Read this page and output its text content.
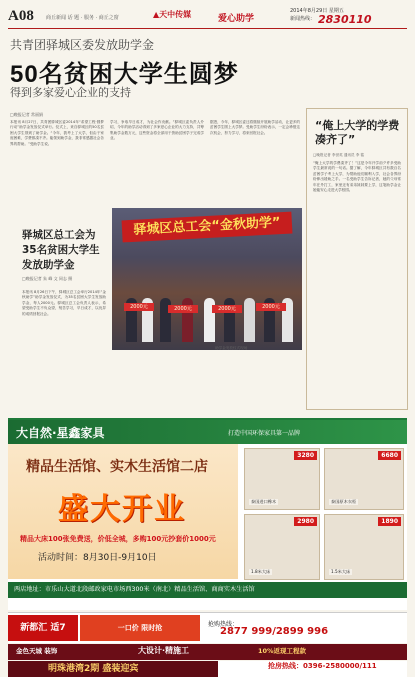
A08 商丘新闻 话 题 · 服务 · 商丘之窗	▲天中传媒	爱心助学
2014年8月29日 星期五
新闻热线： 2830110
共青团驿城区委发放助学金
50名贫困大学生圆梦
得到多家爱心企业的支持
□晚报记者 常丽娟
本报讯 8月27日，共青团驿城区委2014年“希望工程·圆梦行动”助学金发放仪式举行。仪式上，来自驿城区的50名贫困大学生领到了助学金。“今年，我考上了大学，但由于家庭困难，学费都凑不齐。能领到助学金，我非常感激社会各界的帮助。”受助学生说。
学习，争取早日成才，为社会作贡献。”驿城区委负责人介绍，今年的助学活动得到了多家爱心企业的大力支持，共筹集助学金数万元，这些资金将全部用于资助贫困学子完成学业。
据悉，今年，驿城区委还将继续开展助学活动，让更多的贫困学生圆上大学梦。受助学生纷纷表示，一定会珍惜这次机会，努力学习，将来回报社会。
驿城区总工会为35名贫困大学生发放助学金
□晚报记者 朱 峰 文 同志 摄
本报讯 8月26日下午，驿城区总工会举行2014年“金秋助学”助学金发放仪式，为35名贫困大学生发放助学金，每人2000元。驿城区总工会负责人表示，希望受助学生不负众望，刻苦学习，早日成才，以优异的成绩回报社会。
驿城区总工会“金秋助学”
2000元	2000元	2000元	2000元
助学金发放仪式现场
“俺上大学的学费凑齐了”
□晚报记者 李世英 通讯员 李 铭
“俺上大学的学费凑齐了！”这是今年开学前夕许多受助学生最常说的一句话。据了解，今年驿城区共有数百名贫困学子考上大学，为帮助他们顺利入学，社会各界纷纷伸出援助之手。一名受助学生告诉记者，她的父母常年在外打工，家里还有弟弟妹妹要上学，这笔助学金让她能安心走进大学校园。
大自然·星鑫家具	打造中国环保家具第一品牌
精品生活馆、实木生活馆二店
盛大开业
精品大床100张免费送，价低全城，多购100元抄套价1000元
活动时间：8月30日-9月10日
泰国进口橡木
3280
泰国原木衣柜
6680
1.8米大床
2980
1.5米大床
1890
两店地址：市乐山大道北段邮政家电市场西300米（南北）精品生活馆、商商实木生活馆
新都汇 适7	一口价 限时抢	抢购热线：
2877 999/2899 996
金色天城 装饰	大设计·精施工	10%返现工程款
明珠港湾2期 盛装迎宾	抢房热线：0396-2580000/111
